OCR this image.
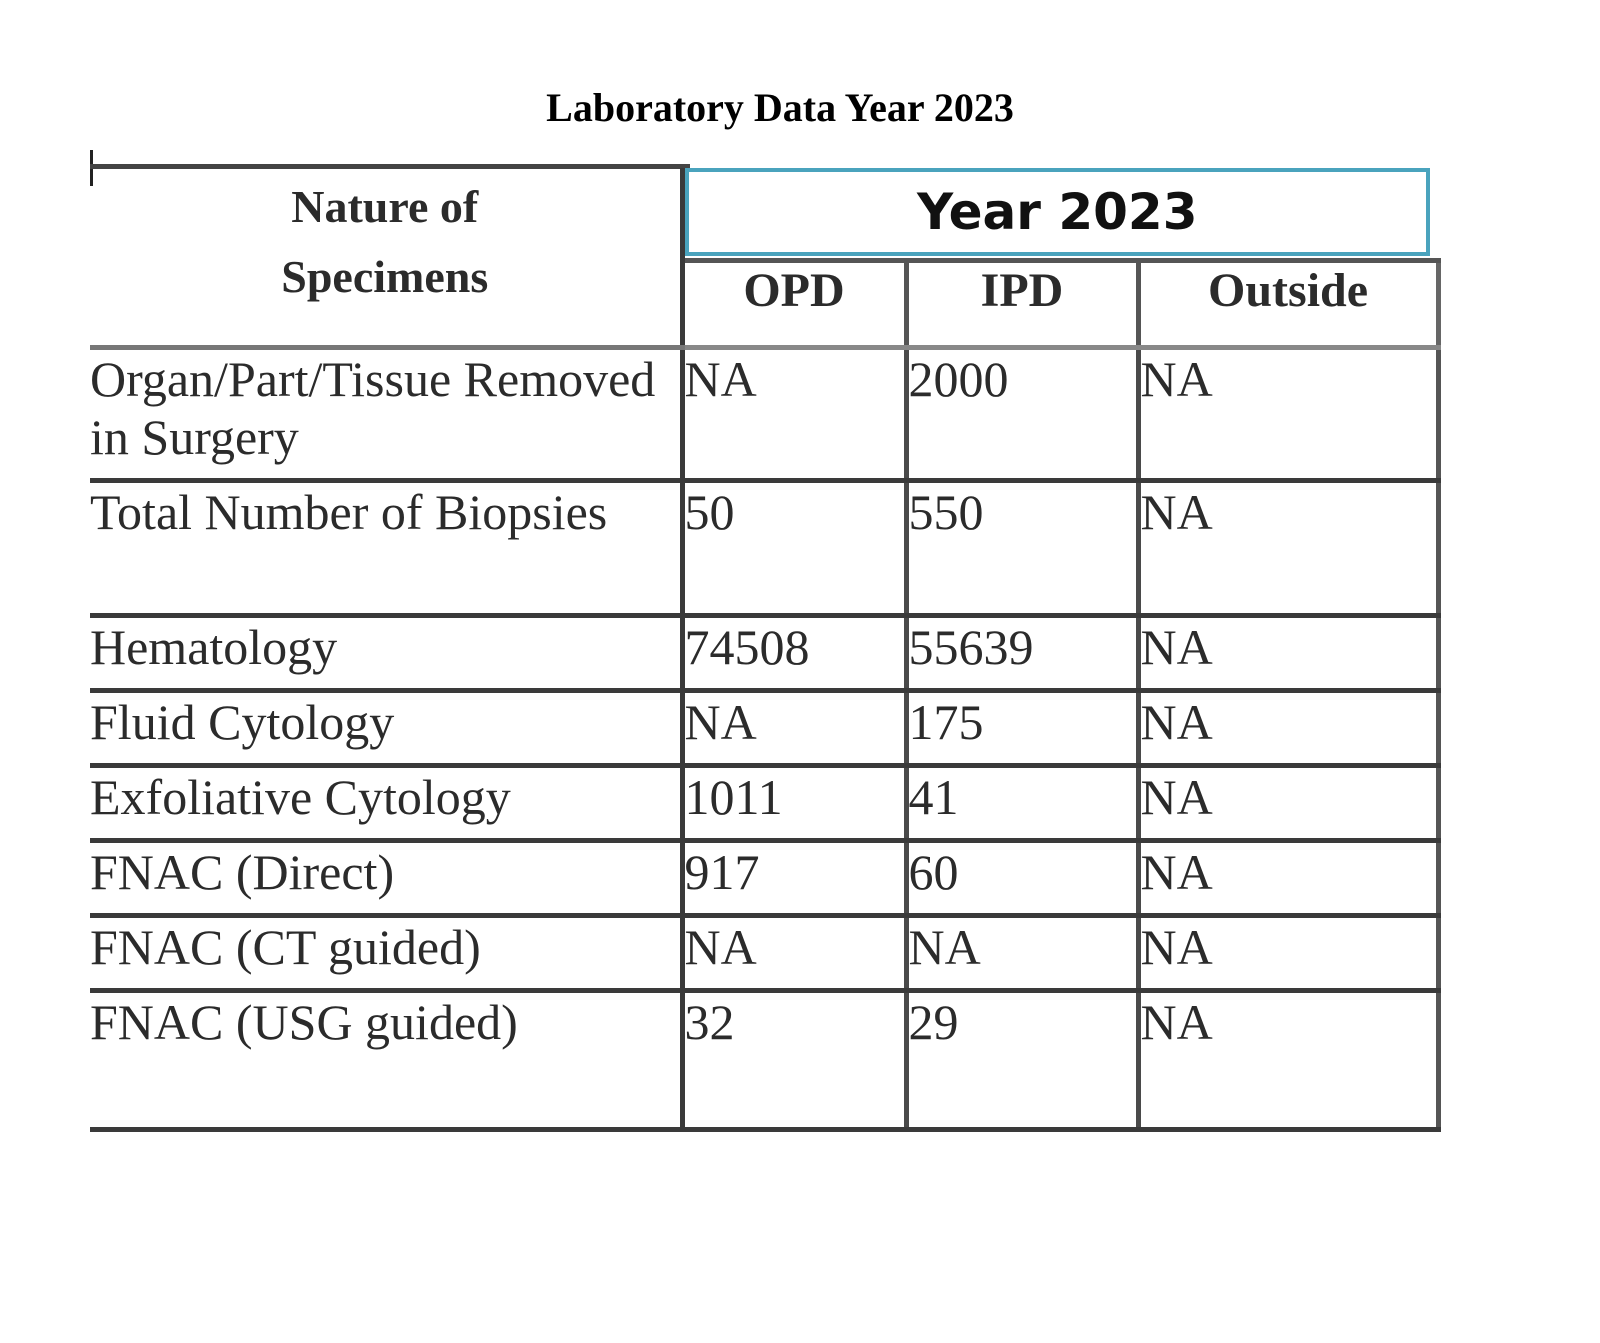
Laboratory Data Year 2023
Nature of
Specimens	Year 2023		

	OPD	IPD	Outside
Organ/Part/Tissue Removed in Surgery	NA	2000	NA
Total Number of Biopsies	50	550	NA
Hematology	74508	55639	NA
Fluid Cytology	NA	175	NA
Exfoliative Cytology	1011	41	NA
FNAC (Direct)	917	60	NA
FNAC (CT guided)	NA	NA	NA
FNAC (USG guided)	32	29	NA
